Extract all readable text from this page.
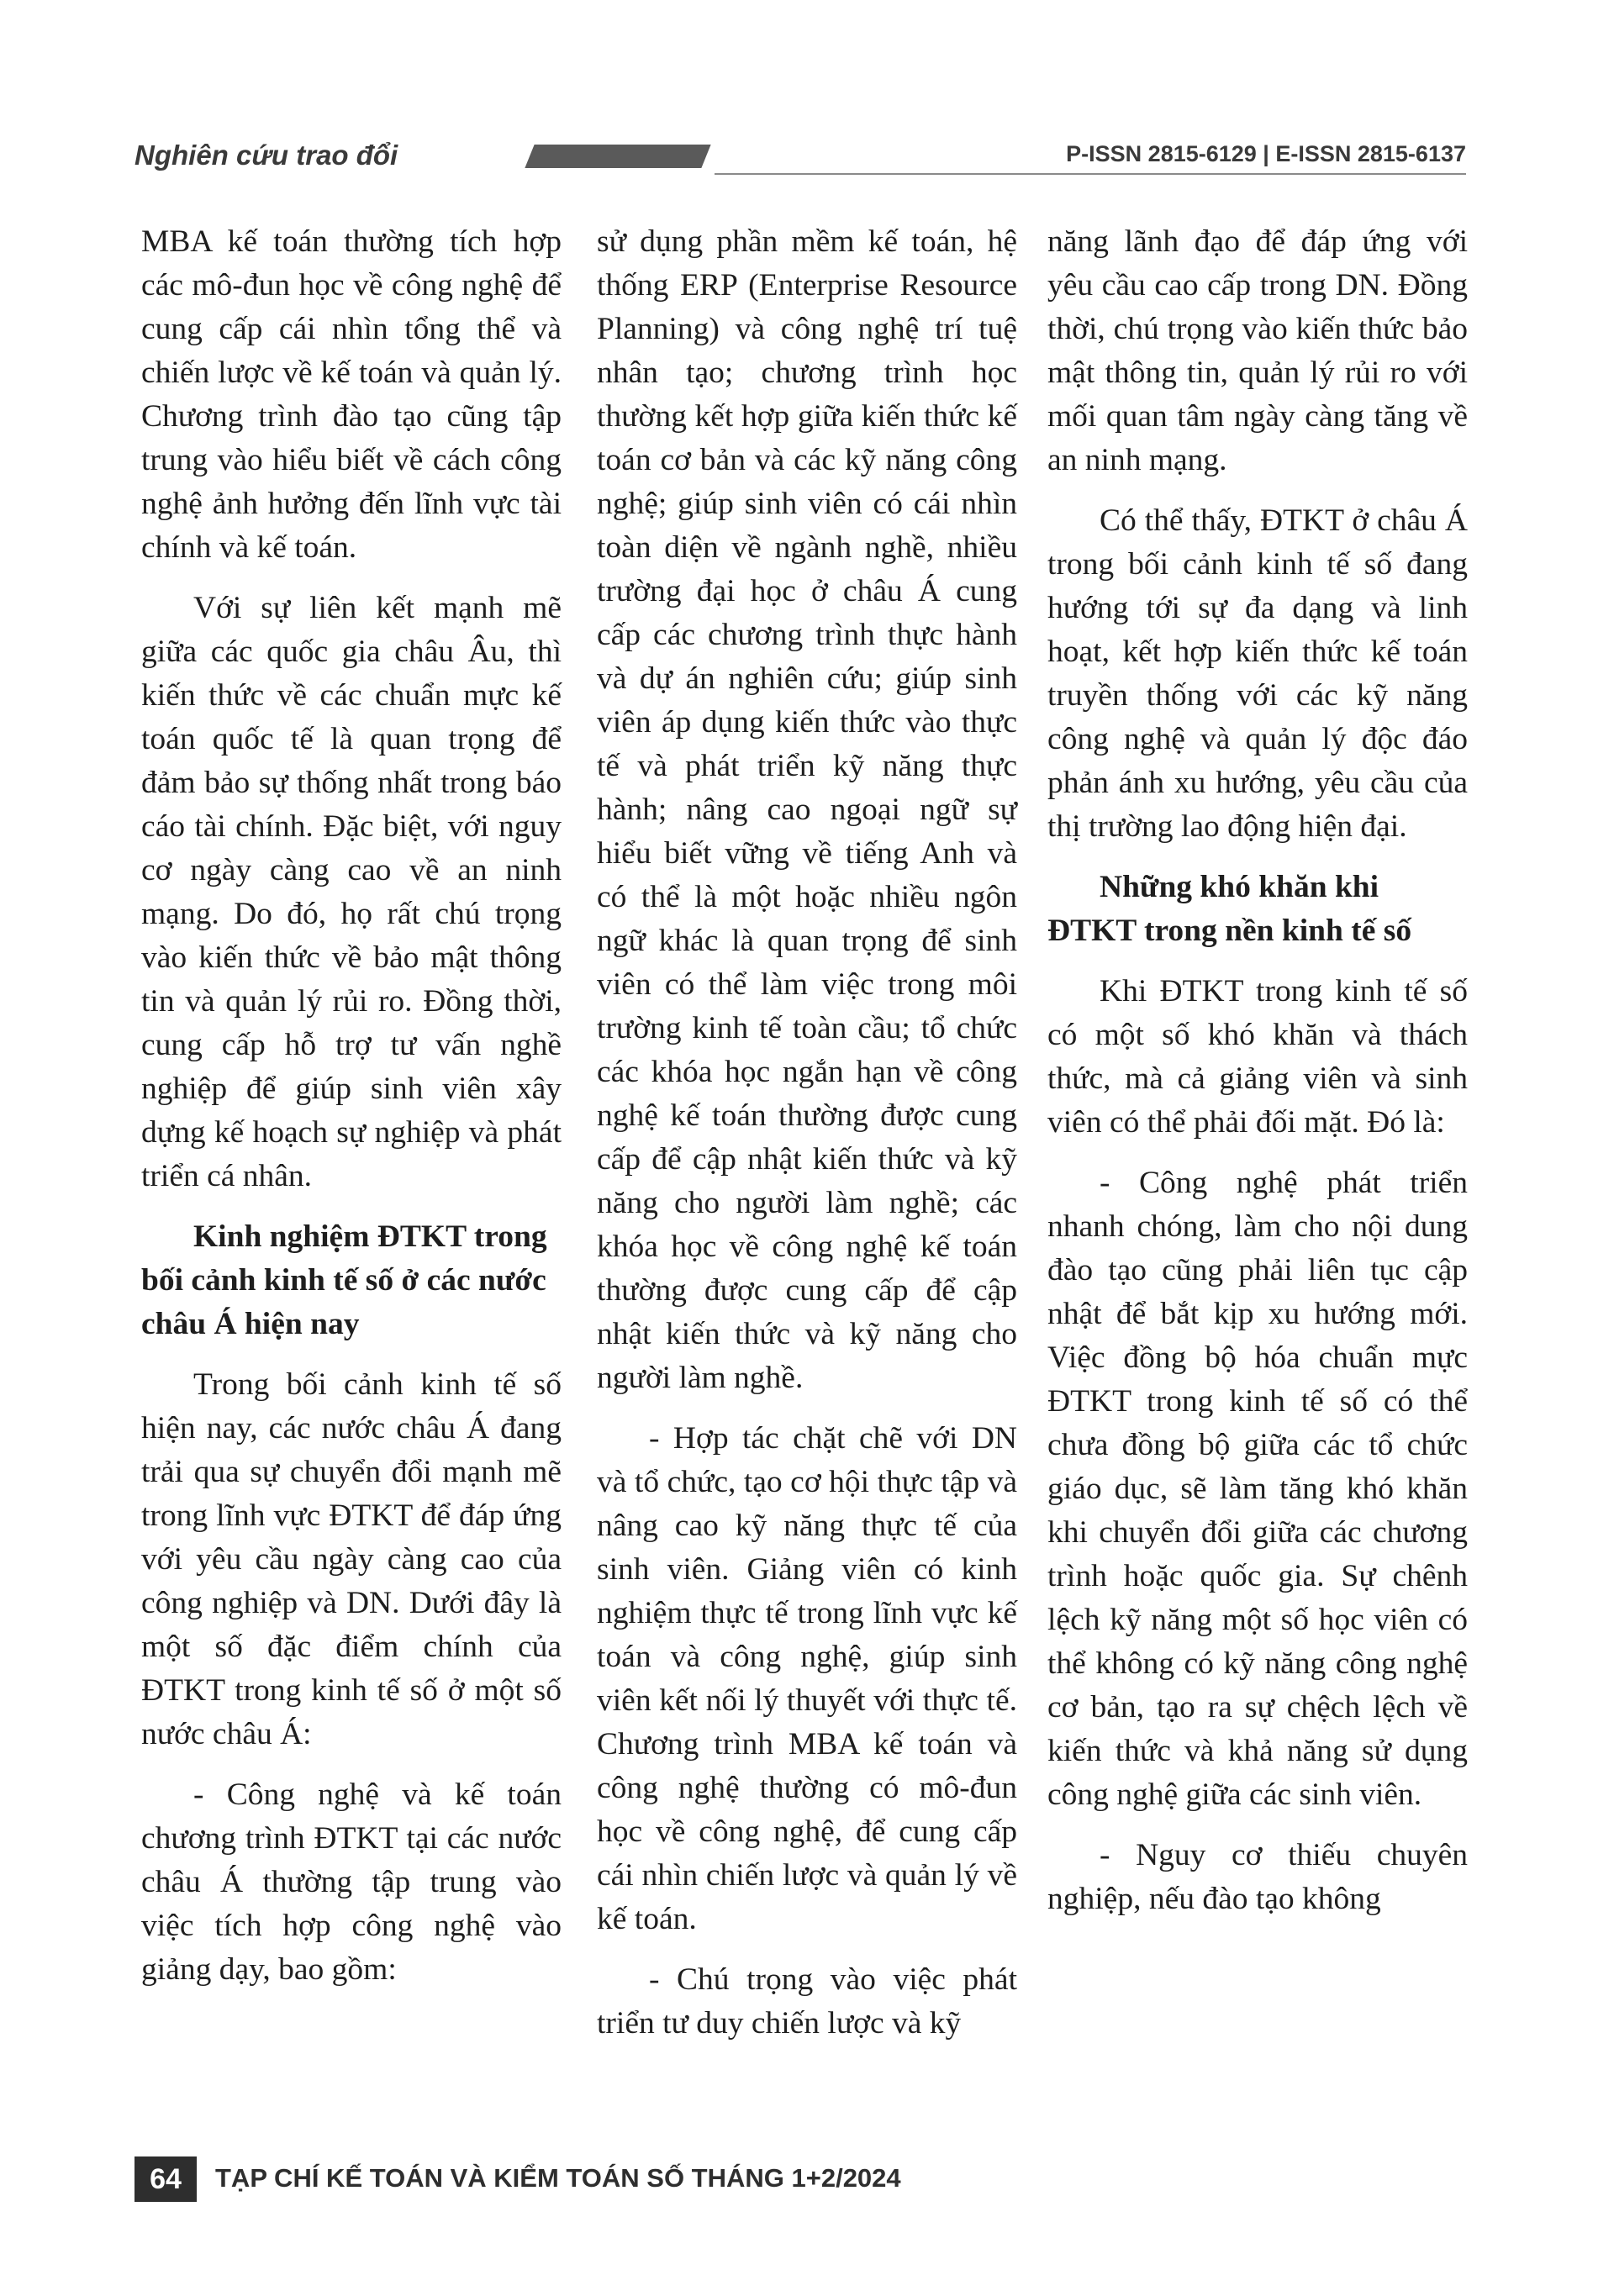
Nghiên cứu trao đổi	P-ISSN 2815-6129 | E-ISSN 2815-6137

MBA kế toán thường tích hợp các mô-đun học về công nghệ để cung cấp cái nhìn tổng thể và chiến lược về kế toán và quản lý. Chương trình đào tạo cũng tập trung vào hiểu biết về cách công nghệ ảnh hưởng đến lĩnh vực tài chính và kế toán.

Với sự liên kết mạnh mẽ giữa các quốc gia châu Âu, thì kiến thức về các chuẩn mực kế toán quốc tế là quan trọng để đảm bảo sự thống nhất trong báo cáo tài chính. Đặc biệt, với nguy cơ ngày càng cao về an ninh mạng. Do đó, họ rất chú trọng vào kiến thức về bảo mật thông tin và quản lý rủi ro. Đồng thời, cung cấp hỗ trợ tư vấn nghề nghiệp để giúp sinh viên xây dựng kế hoạch sự nghiệp và phát triển cá nhân.

Kinh nghiệm ĐTKT trong bối cảnh kinh tế số ở các nước châu Á hiện nay

Trong bối cảnh kinh tế số hiện nay, các nước châu Á đang trải qua sự chuyển đổi mạnh mẽ trong lĩnh vực ĐTKT để đáp ứng với yêu cầu ngày càng cao của công nghiệp và DN. Dưới đây là một số đặc điểm chính của ĐTKT trong kinh tế số ở một số nước châu Á:

- Công nghệ và kế toán chương trình ĐTKT tại các nước châu Á thường tập trung vào việc tích hợp công nghệ vào giảng dạy, bao gồm:

sử dụng phần mềm kế toán, hệ thống ERP (Enterprise Resource Planning) và công nghệ trí tuệ nhân tạo; chương trình học thường kết hợp giữa kiến thức kế toán cơ bản và các kỹ năng công nghệ; giúp sinh viên có cái nhìn toàn diện về ngành nghề, nhiều trường đại học ở châu Á cung cấp các chương trình thực hành và dự án nghiên cứu; giúp sinh viên áp dụng kiến thức vào thực tế và phát triển kỹ năng thực hành; nâng cao ngoại ngữ sự hiểu biết vững về tiếng Anh và có thể là một hoặc nhiều ngôn ngữ khác là quan trọng để sinh viên có thể làm việc trong môi trường kinh tế toàn cầu; tổ chức các khóa học ngắn hạn về công nghệ kế toán thường được cung cấp để cập nhật kiến thức và kỹ năng cho người làm nghề; các khóa học về công nghệ kế toán thường được cung cấp để cập nhật kiến thức và kỹ năng cho người làm nghề.

- Hợp tác chặt chẽ với DN và tổ chức, tạo cơ hội thực tập và nâng cao kỹ năng thực tế của sinh viên. Giảng viên có kinh nghiệm thực tế trong lĩnh vực kế toán và công nghệ, giúp sinh viên kết nối lý thuyết với thực tế. Chương trình MBA kế toán và công nghệ thường có mô-đun học về công nghệ, để cung cấp cái nhìn chiến lược và quản lý về kế toán.

- Chú trọng vào việc phát triển tư duy chiến lược và kỹ

năng lãnh đạo để đáp ứng với yêu cầu cao cấp trong DN. Đồng thời, chú trọng vào kiến thức bảo mật thông tin, quản lý rủi ro với mối quan tâm ngày càng tăng về an ninh mạng.

Có thể thấy, ĐTKT ở châu Á trong bối cảnh kinh tế số đang hướng tới sự đa dạng và linh hoạt, kết hợp kiến thức kế toán truyền thống với các kỹ năng công nghệ và quản lý độc đáo phản ánh xu hướng, yêu cầu của thị trường lao động hiện đại.

Những khó khăn khi ĐTKT trong nền kinh tế số

Khi ĐTKT trong kinh tế số có một số khó khăn và thách thức, mà cả giảng viên và sinh viên có thể phải đối mặt. Đó là:

- Công nghệ phát triển nhanh chóng, làm cho nội dung đào tạo cũng phải liên tục cập nhật để bắt kịp xu hướng mới. Việc đồng bộ hóa chuẩn mực ĐTKT trong kinh tế số có thể chưa đồng bộ giữa các tổ chức giáo dục, sẽ làm tăng khó khăn khi chuyển đổi giữa các chương trình hoặc quốc gia. Sự chênh lệch kỹ năng một số học viên có thể không có kỹ năng công nghệ cơ bản, tạo ra sự chệch lệch về kiến thức và khả năng sử dụng công nghệ giữa các sinh viên.

- Nguy cơ thiếu chuyên nghiệp, nếu đào tạo không

64	TẠP CHÍ KẾ TOÁN VÀ KIỂM TOÁN SỐ THÁNG 1+2/2024
